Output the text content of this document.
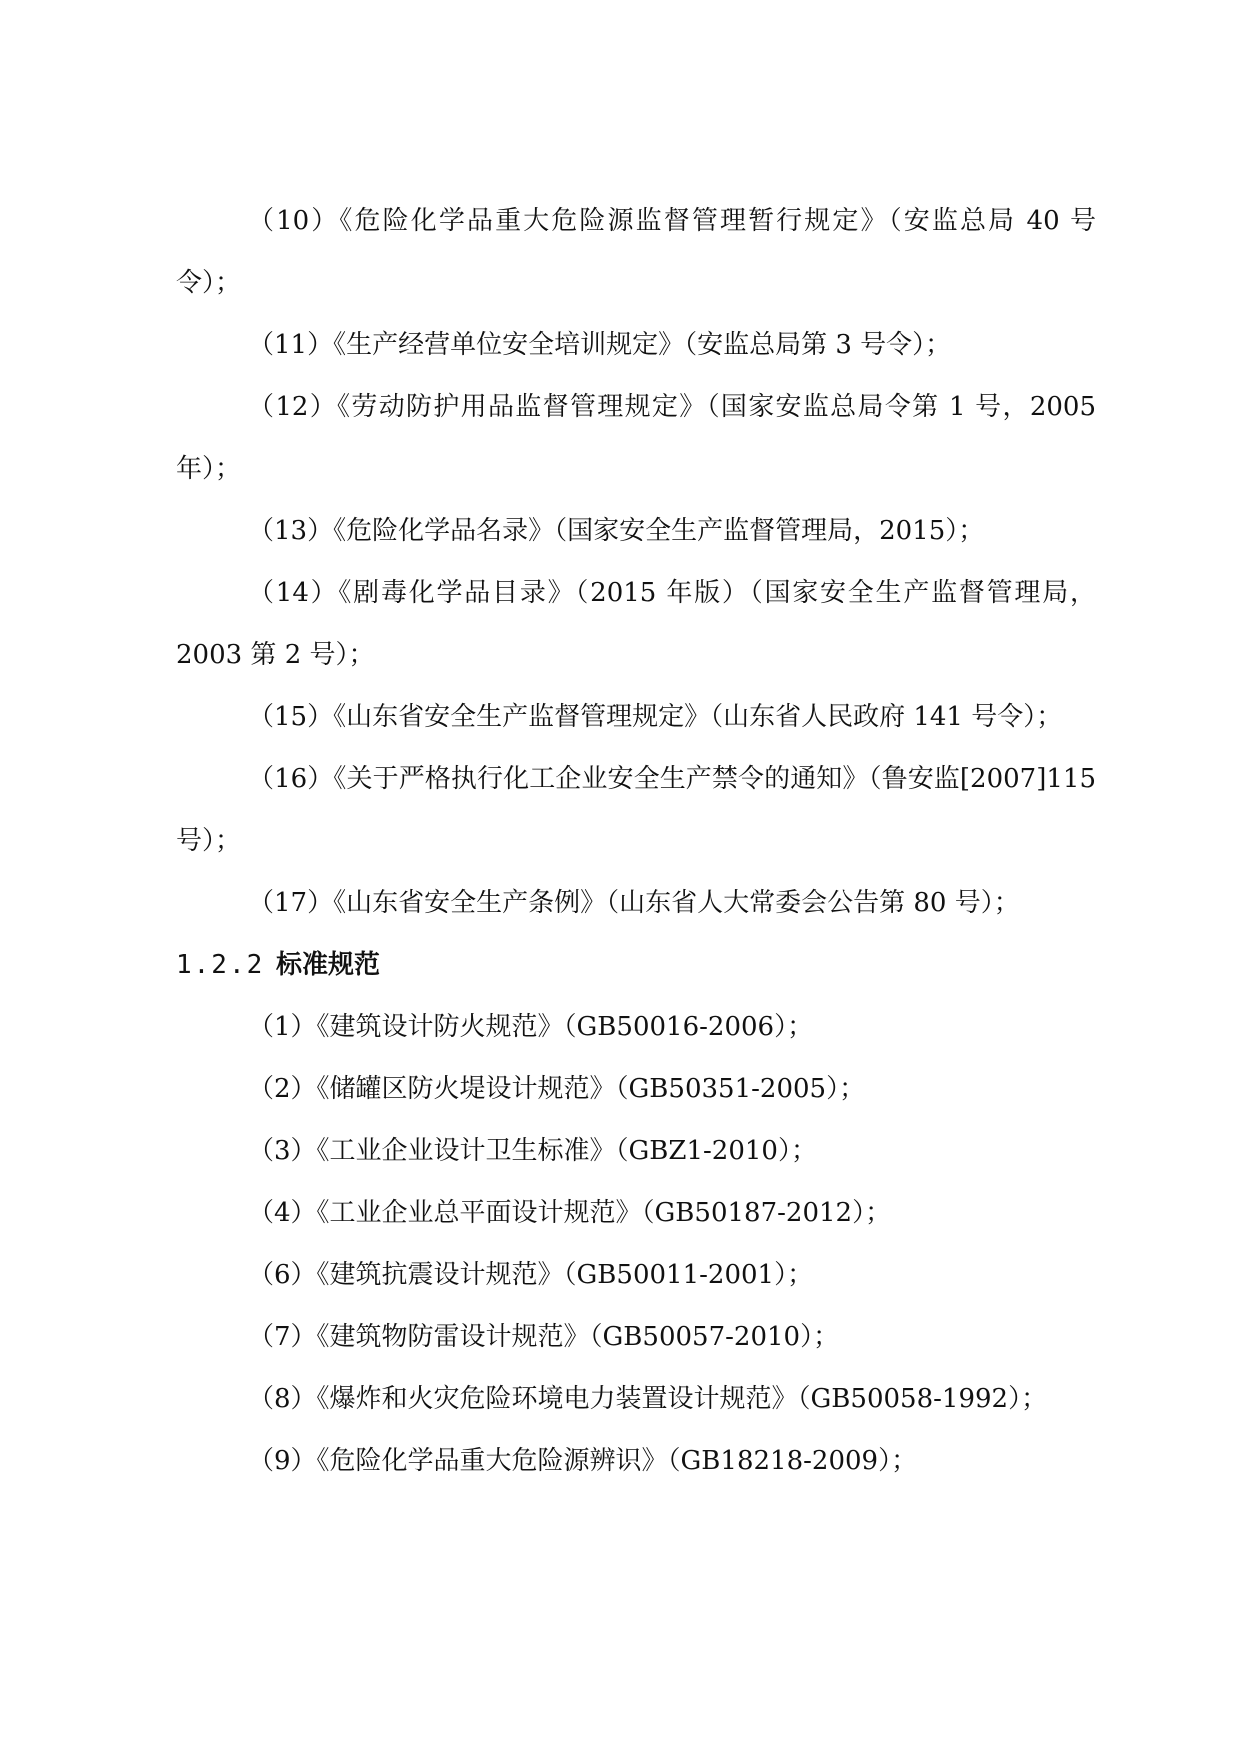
（10）《危险化学品重大危险源监督管理暂行规定》（安监总局 40 号令）；

（11）《生产经营单位安全培训规定》（安监总局第 3 号令）；

（12）《劳动防护用品监督管理规定》（国家安监总局令第 1 号，2005 年）；

（13）《危险化学品名录》（国家安全生产监督管理局，2015）；

（14）《剧毒化学品目录》（2015 年版）（国家安全生产监督管理局，2003 第 2 号）；

（15）《山东省安全生产监督管理规定》（山东省人民政府 141 号令）；

（16）《关于严格执行化工企业安全生产禁令的通知》（鲁安监[2007]115 号）；

（17）《山东省安全生产条例》（山东省人大常委会公告第 80 号）；

1.2.2 标准规范

（1）《建筑设计防火规范》（GB50016-2006）；

（2）《储罐区防火堤设计规范》（GB50351-2005）；

（3）《工业企业设计卫生标准》（GBZ1-2010）；

（4）《工业企业总平面设计规范》（GB50187-2012）；

（6）《建筑抗震设计规范》（GB50011-2001）；

（7）《建筑物防雷设计规范》（GB50057-2010）；

（8）《爆炸和火灾危险环境电力装置设计规范》（GB50058-1992）；

（9）《危险化学品重大危险源辨识》（GB18218-2009）；
